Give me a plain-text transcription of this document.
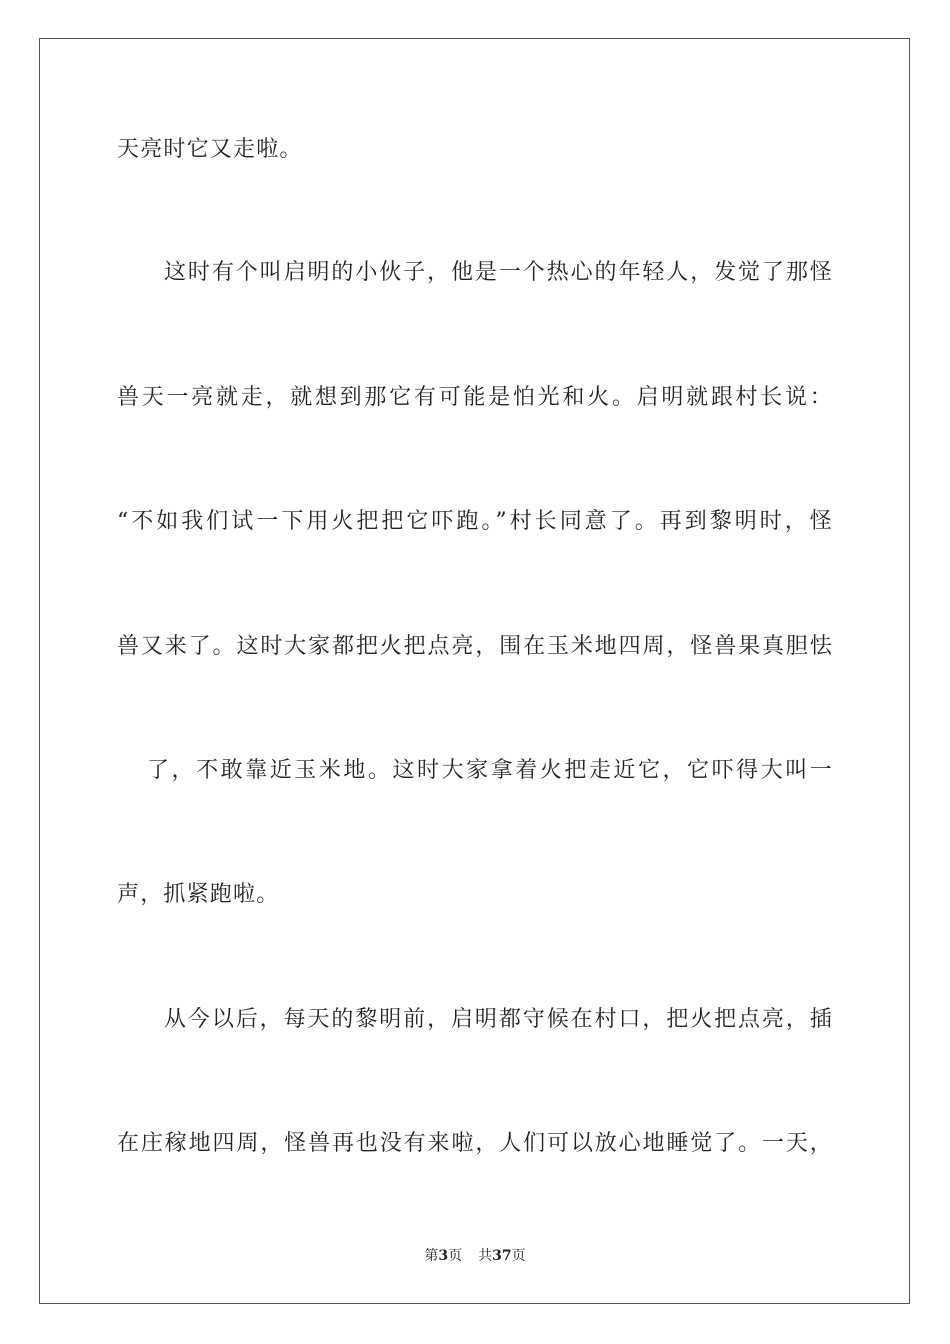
天亮时它又走啦。
这时有个叫启明的小伙子，他是一个热心的年轻人，发觉了那怪
兽天一亮就走，就想到那它有可能是怕光和火。启明就跟村长说：
“不如我们试一下用火把把它吓跑。”村长同意了。再到黎明时，怪
兽又来了。这时大家都把火把点亮，围在玉米地四周，怪兽果真胆怯
了，不敢靠近玉米地。这时大家拿着火把走近它，它吓得大叫一
声，抓紧跑啦。
从今以后，每天的黎明前，启明都守候在村口，把火把点亮，插
在庄稼地四周，怪兽再也没有来啦，人们可以放心地睡觉了。一天，
第3页 共37页
